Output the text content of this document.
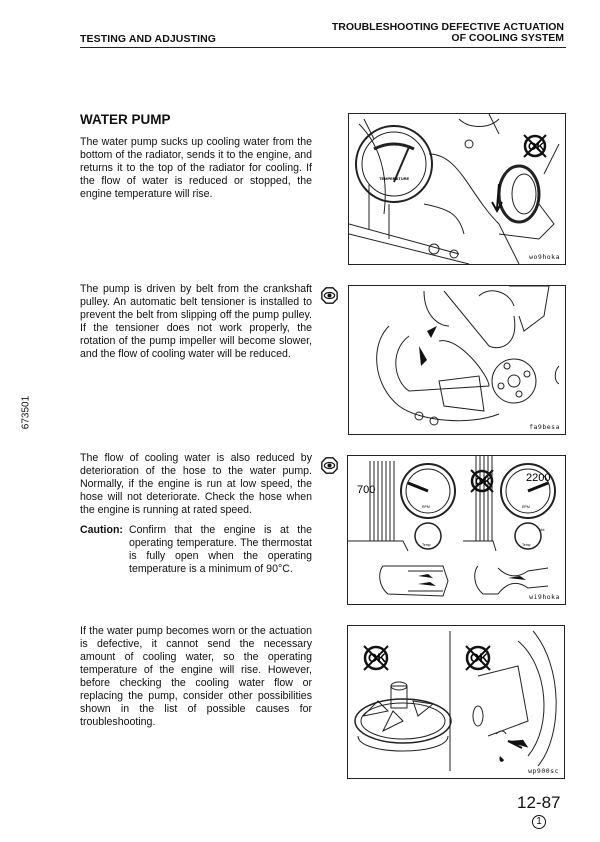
TESTING AND ADJUSTING
TROUBLESHOOTING DEFECTIVE ACTUATION
OF COOLING SYSTEM
WATER PUMP
The water pump sucks up cooling water from the bottom of the radiator, sends it to the engine, and returns it to the top of the radiator for cooling. If the flow of water is reduced or stopped, the engine temperature will rise.
The pump is driven by belt from the crankshaft pulley. An automatic belt tensioner is installed to prevent the belt from slipping off the pump pulley. If the tensioner does not work properly, the rotation of the pump impeller will become slower, and the flow of cooling water will be reduced.
The flow of cooling water is also reduced by deterioration of the hose to the water pump. Normally, if the engine is run at low speed, the hose will not deteriorate. Check the hose when the engine is running at rated speed.
Caution: Confirm that the engine is at the operating temperature. The thermostat is fully open when the operating temperature is a minimum of 90°C.
If the water pump becomes worn or the actuation is defective, it cannot send the necessary amount of cooling water, so the operating temperature of the engine will rise. However, before checking the cooling water flow or replacing the pump, consider other possibilities shown in the list of possible causes for troubleshooting.
TEMPERATURE
OK
wo9hoka
fa9besa
700
2200
RPM	RPM
Temp	Temp
Hot
OK
wi9hoka
OK	OK
wp900sc
673501
12-87
1
